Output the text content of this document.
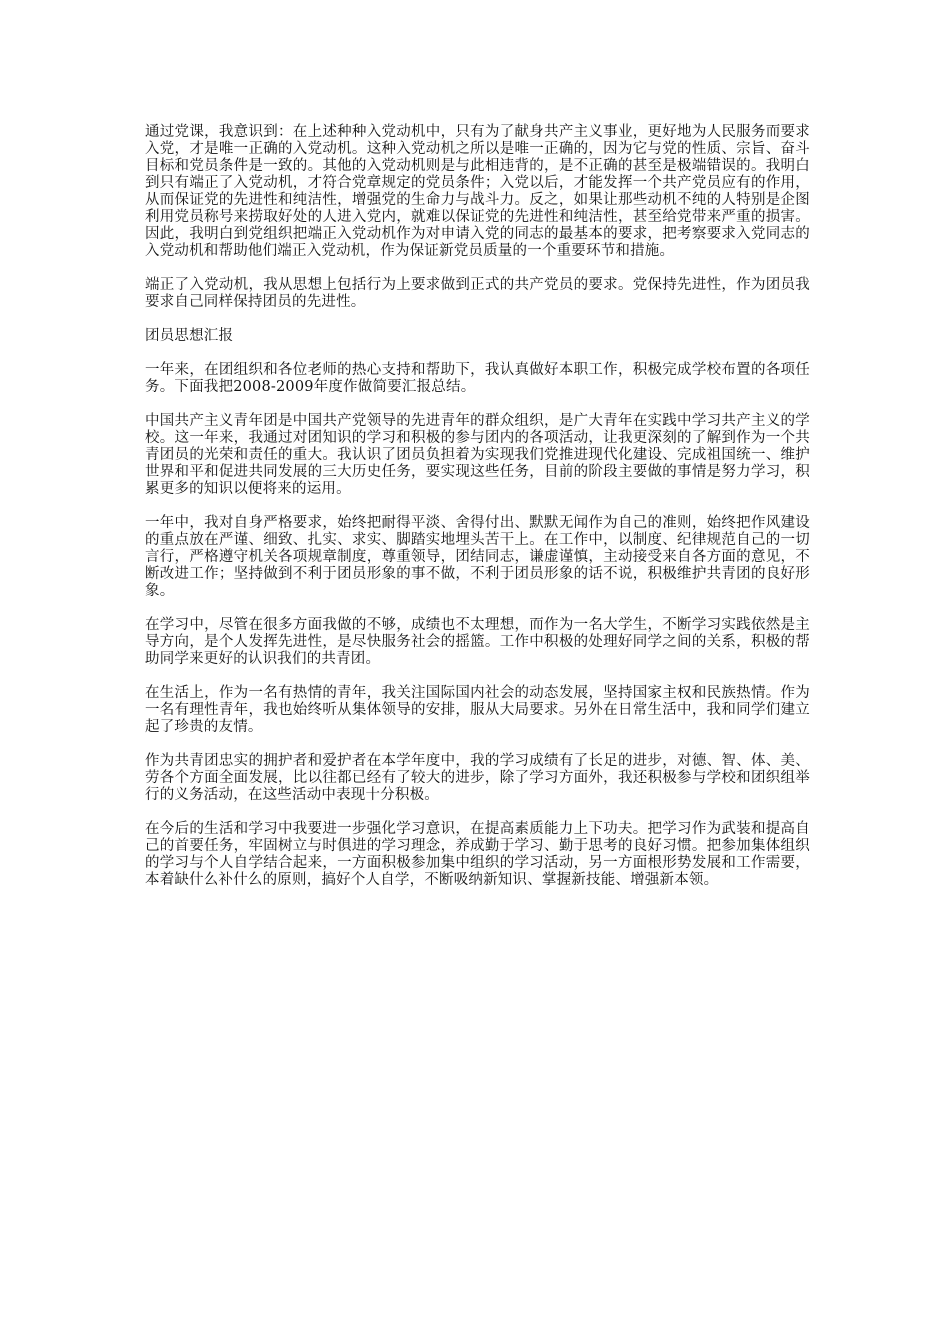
通过党课，我意识到：在上述种种入党动机中，只有为了献身共产主义事业，更好地为人民服务而要求入党，才是唯一正确的入党动机。这种入党动机之所以是唯一正确的，因为它与党的性质、宗旨、奋斗目标和党员条件是一致的。其他的入党动机则是与此相违背的，是不正确的甚至是极端错误的。我明白到只有端正了入党动机，才符合党章规定的党员条件；入党以后，才能发挥一个共产党员应有的作用，从而保证党的先进性和纯洁性，增强党的生命力与战斗力。反之，如果让那些动机不纯的人特别是企图利用党员称号来捞取好处的人进入党内，就难以保证党的先进性和纯洁性，甚至给党带来严重的损害。因此，我明白到党组织把端正入党动机作为对申请入党的同志的最基本的要求，把考察要求入党同志的入党动机和帮助他们端正入党动机，作为保证新党员质量的一个重要环节和措施。

端正了入党动机，我从思想上包括行为上要求做到正式的共产党员的要求。党保持先进性，作为团员我要求自己同样保持团员的先进性。

团员思想汇报

一年来，在团组织和各位老师的热心支持和帮助下，我认真做好本职工作，积极完成学校布置的各项任务。下面我把2008-2009年度作做简要汇报总结。

中国共产主义青年团是中国共产党领导的先进青年的群众组织，是广大青年在实践中学习共产主义的学校。这一年来，我通过对团知识的学习和积极的参与团内的各项活动，让我更深刻的了解到作为一个共青团员的光荣和责任的重大。我认识了团员负担着为实现我们党推进现代化建设、完成祖国统一、维护世界和平和促进共同发展的三大历史任务，要实现这些任务，目前的阶段主要做的事情是努力学习，积累更多的知识以便将来的运用。

一年中，我对自身严格要求，始终把耐得平淡、舍得付出、默默无闻作为自己的准则，始终把作风建设的重点放在严谨、细致、扎实、求实、脚踏实地埋头苦干上。在工作中，以制度、纪律规范自己的一切言行，严格遵守机关各项规章制度，尊重领导，团结同志，谦虚谨慎，主动接受来自各方面的意见，不断改进工作；坚持做到不利于团员形象的事不做，不利于团员形象的话不说，积极维护共青团的良好形象。

在学习中，尽管在很多方面我做的不够，成绩也不太理想，而作为一名大学生，不断学习实践依然是主导方向，是个人发挥先进性，是尽快服务社会的摇篮。工作中积极的处理好同学之间的关系，积极的帮助同学来更好的认识我们的共青团。

在生活上，作为一名有热情的青年，我关注国际国内社会的动态发展，坚持国家主权和民族热情。作为一名有理性青年，我也始终听从集体领导的安排，服从大局要求。另外在日常生活中，我和同学们建立起了珍贵的友情。

作为共青团忠实的拥护者和爱护者在本学年度中，我的学习成绩有了长足的进步，对德、智、体、美、劳各个方面全面发展，比以往都已经有了较大的进步，除了学习方面外，我还积极参与学校和团织组举行的义务活动，在这些活动中表现十分积极。

在今后的生活和学习中我要进一步强化学习意识，在提高素质能力上下功夫。把学习作为武装和提高自己的首要任务，牢固树立与时俱进的学习理念，养成勤于学习、勤于思考的良好习惯。把参加集体组织的学习与个人自学结合起来，一方面积极参加集中组织的学习活动，另一方面根形势发展和工作需要，本着缺什么补什么的原则，搞好个人自学，不断吸纳新知识、掌握新技能、增强新本领。
